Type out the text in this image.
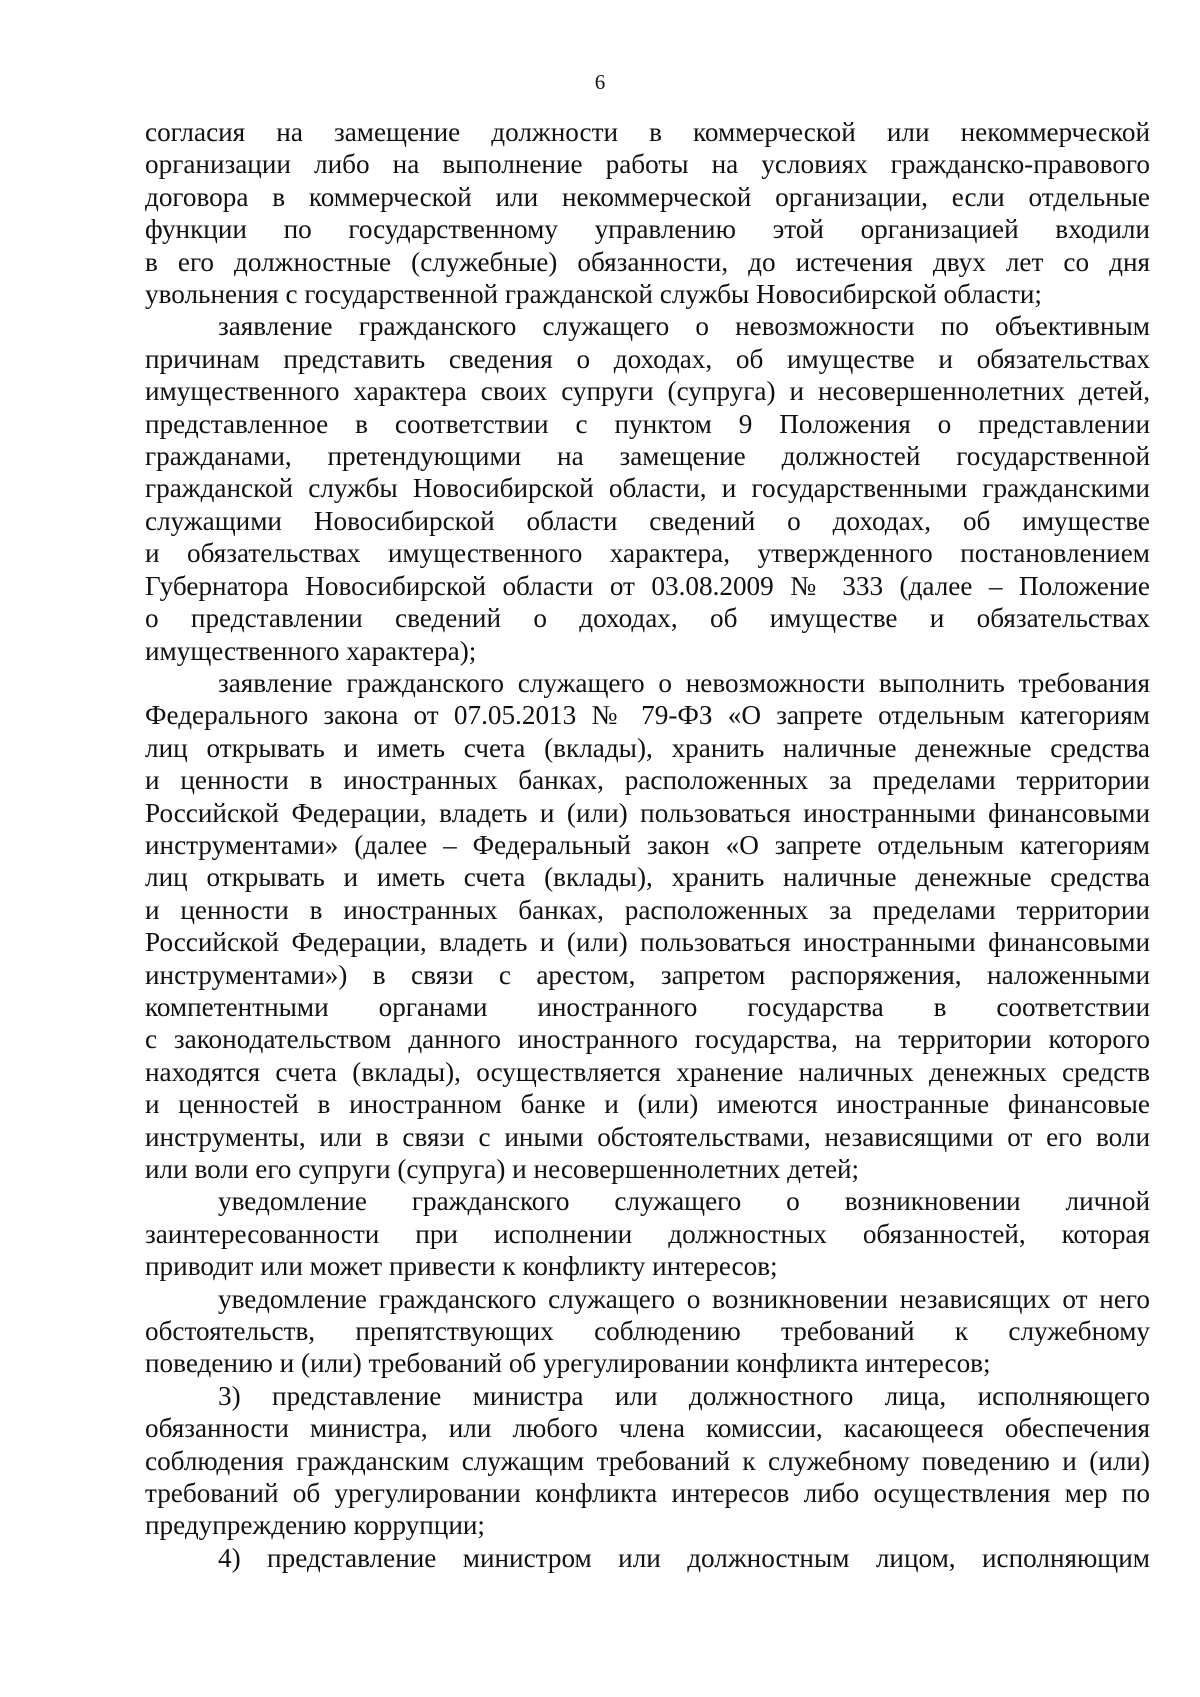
6
согласия на замещение должности в коммерческой или некоммерческой
организации либо на выполнение работы на условиях гражданско-правового
договора в коммерческой или некоммерческой организации, если отдельные
функции по государственному управлению этой организацией входили
в его должностные (служебные) обязанности, до истечения двух лет со дня
увольнения с государственной гражданской службы Новосибирской области;
заявление гражданского служащего о невозможности по объективным
причинам представить сведения о доходах, об имуществе и обязательствах
имущественного характера своих супруги (супруга) и несовершеннолетних детей,
представленное в соответствии с пунктом 9 Положения о представлении
гражданами, претендующими на замещение должностей государственной
гражданской службы Новосибирской области, и государственными гражданскими
служащими Новосибирской области сведений о доходах, об имуществе
и обязательствах имущественного характера, утвержденного постановлением
Губернатора Новосибирской области от 03.08.2009 № 333 (далее – Положение
о представлении сведений о доходах, об имуществе и обязательствах
имущественного характера);
заявление гражданского служащего о невозможности выполнить требования
Федерального закона от 07.05.2013 № 79-ФЗ «О запрете отдельным категориям
лиц открывать и иметь счета (вклады), хранить наличные денежные средства
и ценности в иностранных банках, расположенных за пределами территории
Российской Федерации, владеть и (или) пользоваться иностранными финансовыми
инструментами» (далее – Федеральный закон «О запрете отдельным категориям
лиц открывать и иметь счета (вклады), хранить наличные денежные средства
и ценности в иностранных банках, расположенных за пределами территории
Российской Федерации, владеть и (или) пользоваться иностранными финансовыми
инструментами») в связи с арестом, запретом распоряжения, наложенными
компетентными органами иностранного государства в соответствии
с законодательством данного иностранного государства, на территории которого
находятся счета (вклады), осуществляется хранение наличных денежных средств
и ценностей в иностранном банке и (или) имеются иностранные финансовые
инструменты, или в связи с иными обстоятельствами, независящими от его воли
или воли его супруги (супруга) и несовершеннолетних детей;
уведомление гражданского служащего о возникновении личной
заинтересованности при исполнении должностных обязанностей, которая
приводит или может привести к конфликту интересов;
уведомление гражданского служащего о возникновении независящих от него
обстоятельств, препятствующих соблюдению требований к служебному
поведению и (или) требований об урегулировании конфликта интересов;
3) представление министра или должностного лица, исполняющего
обязанности министра, или любого члена комиссии, касающееся обеспечения
соблюдения гражданским служащим требований к служебному поведению и (или)
требований об урегулировании конфликта интересов либо осуществления мер по
предупреждению коррупции;
4) представление министром или должностным лицом, исполняющим
